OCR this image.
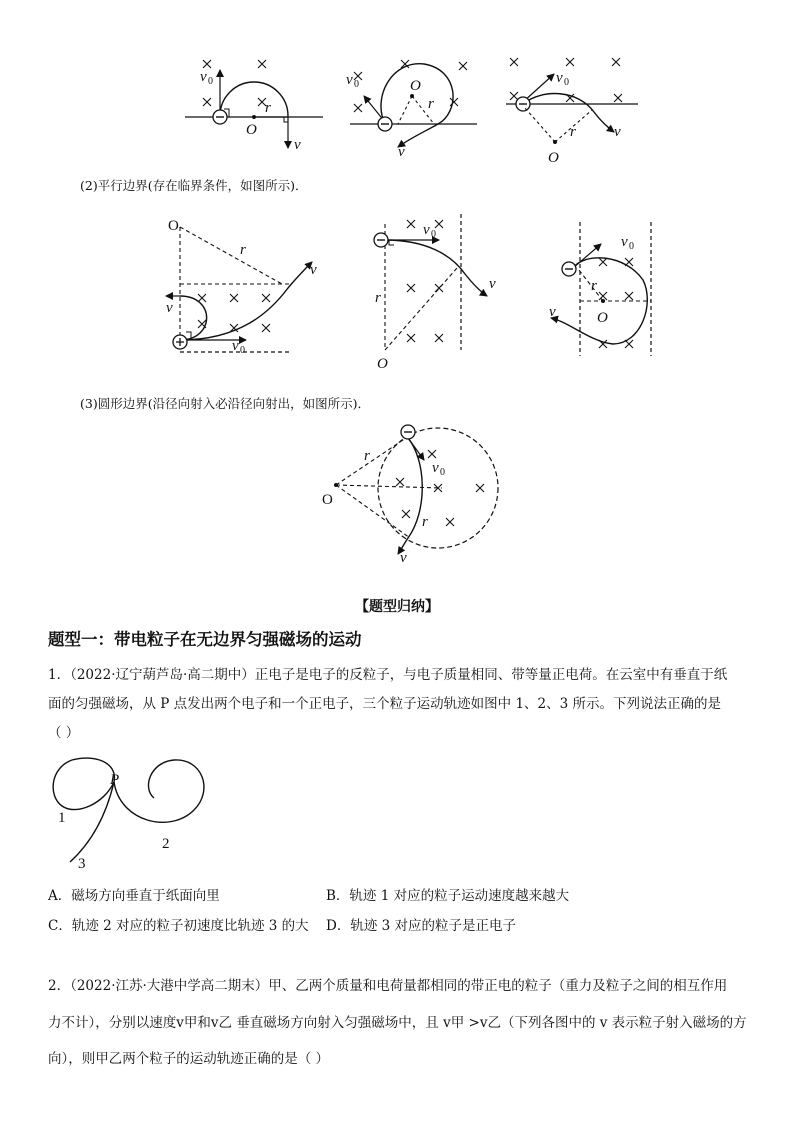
v 0
O
r
v
v 0	O
r
v
v 0
O
r	v
(2)平行边界(存在临界条件，如图所示)．
O
r
v
v
v 0
v 0
r
O
v
v 0
r
O
v
(3)圆形边界(沿径向射入必沿径向射出，如图所示)．
O
r
r
v 0
v
【题型归纳】
题型一：带电粒子在无边界匀强磁场的运动
1．（2022·辽宁葫芦岛·高二期中）正电子是电子的反粒子，与电子质量相同、带等量正电荷。在云室中有垂直于纸
面的匀强磁场，从 P 点发出两个电子和一个正电子，三个粒子运动轨迹如图中 1、2、3 所示。下列说法正确的是
（ ）
P
1
2
3
A．磁场方向垂直于纸面向里	B．轨迹 1 对应的粒子运动速度越来越大
C．轨迹 2 对应的粒子初速度比轨迹 3 的大 D．轨迹 3 对应的粒子是正电子
2．（2022·江苏·大港中学高二期末）甲、乙两个质量和电荷量都相同的带正电的粒子（重力及粒子之间的相互作用
力不计），分别以速度v甲和v乙 垂直磁场方向射入匀强磁场中，且 v甲 >v乙（下列各图中的 v 表示粒子射入磁场的方
向），则甲乙两个粒子的运动轨迹正确的是（ ）
